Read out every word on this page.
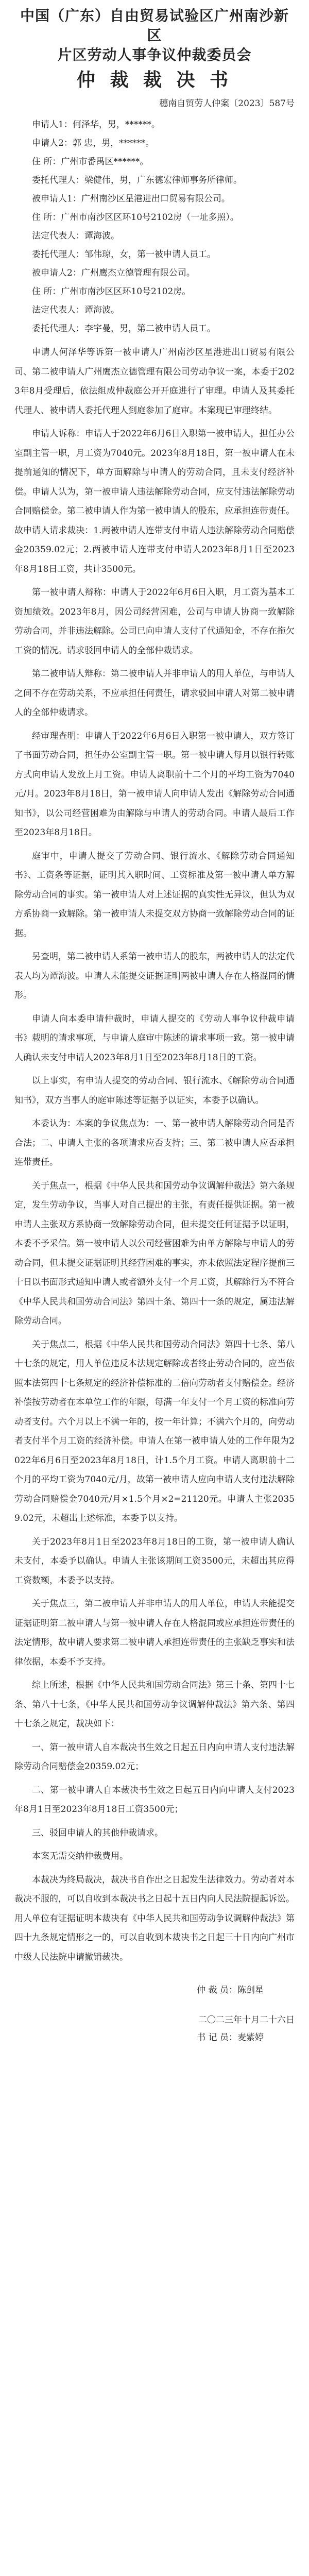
中国（广东）自由贸易试验区广州南沙新区

片区劳动人事争议仲裁委员会

仲 裁 裁 决 书

穗南自贸劳人仲案〔2023〕587号

申请人1：何泽华，男，******。

申请人2：郭 忠，男，******。

住 所：广州市番禺区******。

委托代理人：梁健伟，男，广东德宏律师事务所律师。

被申请人1：广州南沙区星港进出口贸易有限公司。

住 所：广州市南沙区区环10号2102房（一址多照）。

法定代表人：谭海波。

委托代理人：邹伟琼，女，第一被申请人员工。

被申请人2：广州鹰杰立德管理有限公司。

住 所：广州市南沙区区环10号2102房。

法定代表人：谭海波。

委托代理人：李宇曼，男，第二被申请人员工。

申请人何泽华等诉第一被申请人广州南沙区星港进出口贸易有限公司、第二被申请人广州鹰杰立德管理有限公司劳动争议一案，本委于2023年8月受理后，依法组成仲裁庭公开开庭进行了审理。申请人及其委托代理人、被申请人委托代理人到庭参加了庭审。本案现已审理终结。

申请人诉称：申请人于2022年6月6日入职第一被申请人，担任办公室副主管一职，月工资为7040元。2023年8月18日，第一被申请人在未提前通知的情况下，单方面解除与申请人的劳动合同，且未支付经济补偿。申请人认为，第一被申请人违法解除劳动合同，应支付违法解除劳动合同赔偿金。第二被申请人作为第一被申请人的股东，应承担连带责任。故申请人请求裁决：1.两被申请人连带支付申请人违法解除劳动合同赔偿金20359.02元；2.两被申请人连带支付申请人2023年8月1日至2023年8月18日工资，共计3500元。

第一被申请人辩称：申请人于2022年6月6日入职，月工资为基本工资加绩效。2023年8月，因公司经营困难，公司与申请人协商一致解除劳动合同，并非违法解除。公司已向申请人支付了代通知金，不存在拖欠工资的情况。请求驳回申请人的全部仲裁请求。

第二被申请人辩称：第二被申请人并非申请人的用人单位，与申请人之间不存在劳动关系，不应承担任何责任，请求驳回申请人对第二被申请人的全部仲裁请求。

经审理查明：申请人于2022年6月6日入职第一被申请人，双方签订了书面劳动合同，担任办公室副主管一职。第一被申请人每月以银行转账方式向申请人发放上月工资。申请人离职前十二个月的平均工资为7040元/月。2023年8月18日，第一被申请人向申请人发出《解除劳动合同通知书》，以公司经营困难为由解除与申请人的劳动合同。申请人最后工作至2023年8月18日。

庭审中，申请人提交了劳动合同、银行流水、《解除劳动合同通知书》、工资条等证据，证明其入职时间、工资标准及第一被申请人单方解除劳动合同的事实。第一被申请人对上述证据的真实性无异议，但认为双方系协商一致解除。第一被申请人未提交双方协商一致解除劳动合同的证据。

另查明，第二被申请人系第一被申请人的股东，两被申请人的法定代表人均为谭海波。申请人未能提交证据证明两被申请人存在人格混同的情形。

申请人向本委申请仲裁时，申请人提交的《劳动人事争议仲裁申请书》载明的请求事项，与申请人庭审中陈述的请求事项一致。第一被申请人确认未支付申请人2023年8月1日至2023年8月18日的工资。

以上事实，有申请人提交的劳动合同、银行流水、《解除劳动合同通知书》，双方当事人的庭审陈述等证据予以证实，本委予以确认。

本委认为：本案的争议焦点为：一、第一被申请人解除劳动合同是否合法；二、申请人主张的各项请求应否支持；三、第二被申请人应否承担连带责任。

关于焦点一，根据《中华人民共和国劳动争议调解仲裁法》第六条规定，发生劳动争议，当事人对自己提出的主张，有责任提供证据。第一被申请人主张双方系协商一致解除劳动合同，但未提交任何证据予以证明，本委不予采信。第一被申请人以公司经营困难为由单方解除与申请人的劳动合同，但未提交证据证明其经营困难的事实，亦未依照法定程序提前三十日以书面形式通知申请人或者额外支付一个月工资，其解除行为不符合《中华人民共和国劳动合同法》第四十条、第四十一条的规定，属违法解除劳动合同。

关于焦点二，根据《中华人民共和国劳动合同法》第四十七条、第八十七条的规定，用人单位违反本法规定解除或者终止劳动合同的，应当依照本法第四十七条规定的经济补偿标准的二倍向劳动者支付赔偿金。经济补偿按劳动者在本单位工作的年限，每满一年支付一个月工资的标准向劳动者支付。六个月以上不满一年的，按一年计算；不满六个月的，向劳动者支付半个月工资的经济补偿。申请人在第一被申请人处的工作年限为2022年6月6日至2023年8月18日，计1.5个月工资。申请人离职前十二个月的平均工资为7040元/月，故第一被申请人应向申请人支付违法解除劳动合同赔偿金7040元/月×1.5个月×2=21120元。申请人主张20359.02元，未超出上述标准，本委予以支持。

关于2023年8月1日至2023年8月18日的工资，第一被申请人确认未支付，本委予以确认。申请人主张该期间工资3500元，未超出其应得工资数额，本委予以支持。

关于焦点三，第二被申请人并非申请人的用人单位，申请人未能提交证据证明第二被申请人与第一被申请人存在人格混同或应承担连带责任的法定情形，故申请人要求第二被申请人承担连带责任的主张缺乏事实和法律依据，本委不予支持。

综上所述，根据《中华人民共和国劳动合同法》第三十条、第四十七条、第八十七条，《中华人民共和国劳动争议调解仲裁法》第六条、第四十七条之规定，裁决如下：

一、第一被申请人自本裁决书生效之日起五日内向申请人支付违法解除劳动合同赔偿金20359.02元；

二、第一被申请人自本裁决书生效之日起五日内向申请人支付2023年8月1日至2023年8月18日工资3500元；

三、驳回申请人的其他仲裁请求。

本案无需交纳仲裁费用。

本裁决为终局裁决，裁决书自作出之日起发生法律效力。劳动者对本裁决不服的，可以自收到本裁决书之日起十五日内向人民法院提起诉讼。用人单位有证据证明本裁决有《中华人民共和国劳动争议调解仲裁法》第四十九条规定情形之一的，可以自收到本裁决书之日起三十日内向广州市中级人民法院申请撤销裁决。

仲 裁 员：陈剑星

二〇二三年十月二十六日

书 记 员：麦紫婷
